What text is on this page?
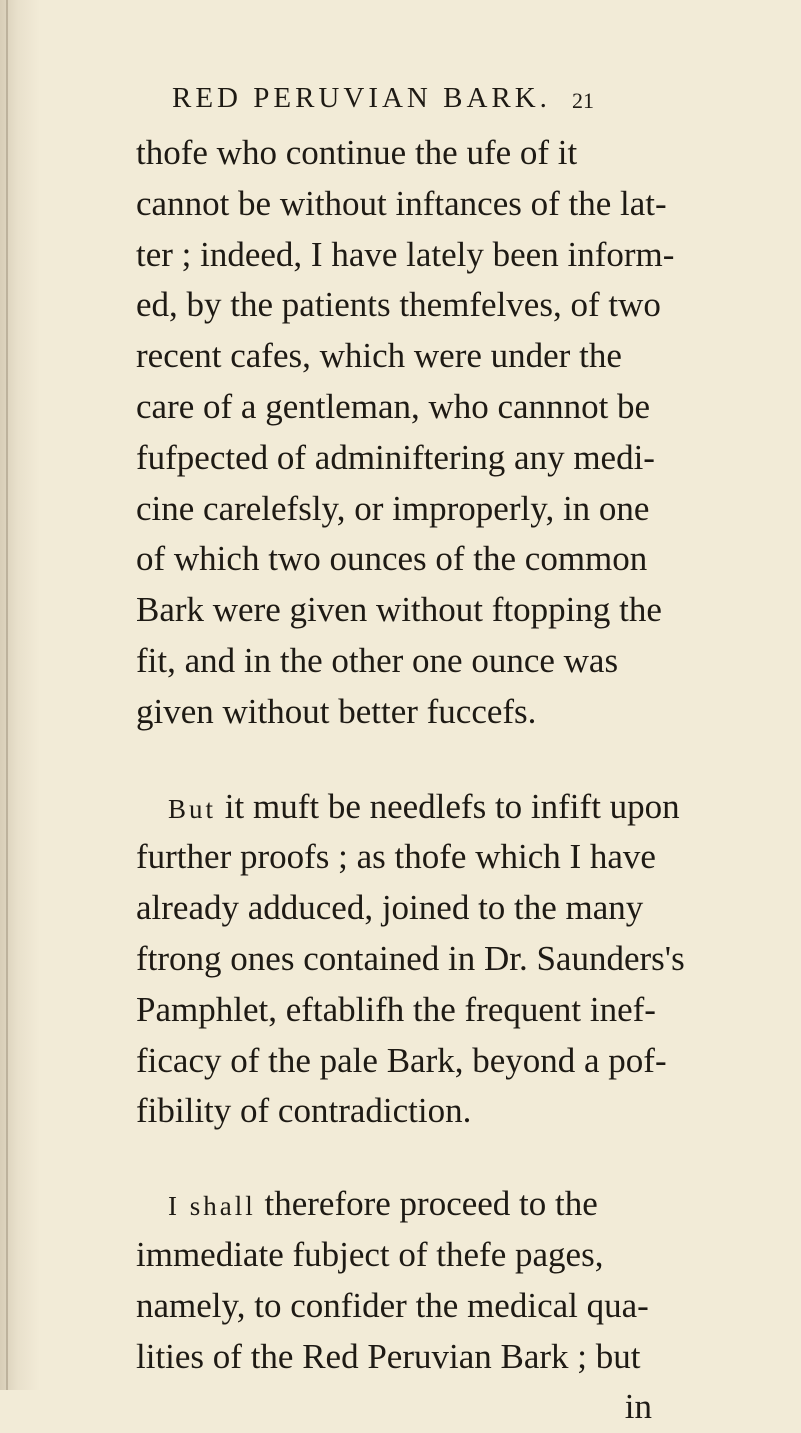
RED PERUVIAN BARK. 21
thofe who continue the ufe of it
cannot be without inftances of the lat-
ter ; indeed, I have lately been inform-
ed, by the patients themfelves, of two
recent cafes, which were under the
care of a gentleman, who cannnot be
fufpected of adminiftering any medi-
cine carelefsly, or improperly, in one
of which two ounces of the common
Bark were given without ftopping the
fit, and in the other one ounce was
given without better fuccefs.
But it muft be needlefs to infift upon
further proofs ; as thofe which I have
already adduced, joined to the many
ftrong ones contained in Dr. Saunders's
Pamphlet, eftablifh the frequent inef-
ficacy of the pale Bark, beyond a pof-
fibility of contradiction.
I shall therefore proceed to the
immediate fubject of thefe pages,
namely, to confider the medical qua-
lities of the Red Peruvian Bark ; but
in
